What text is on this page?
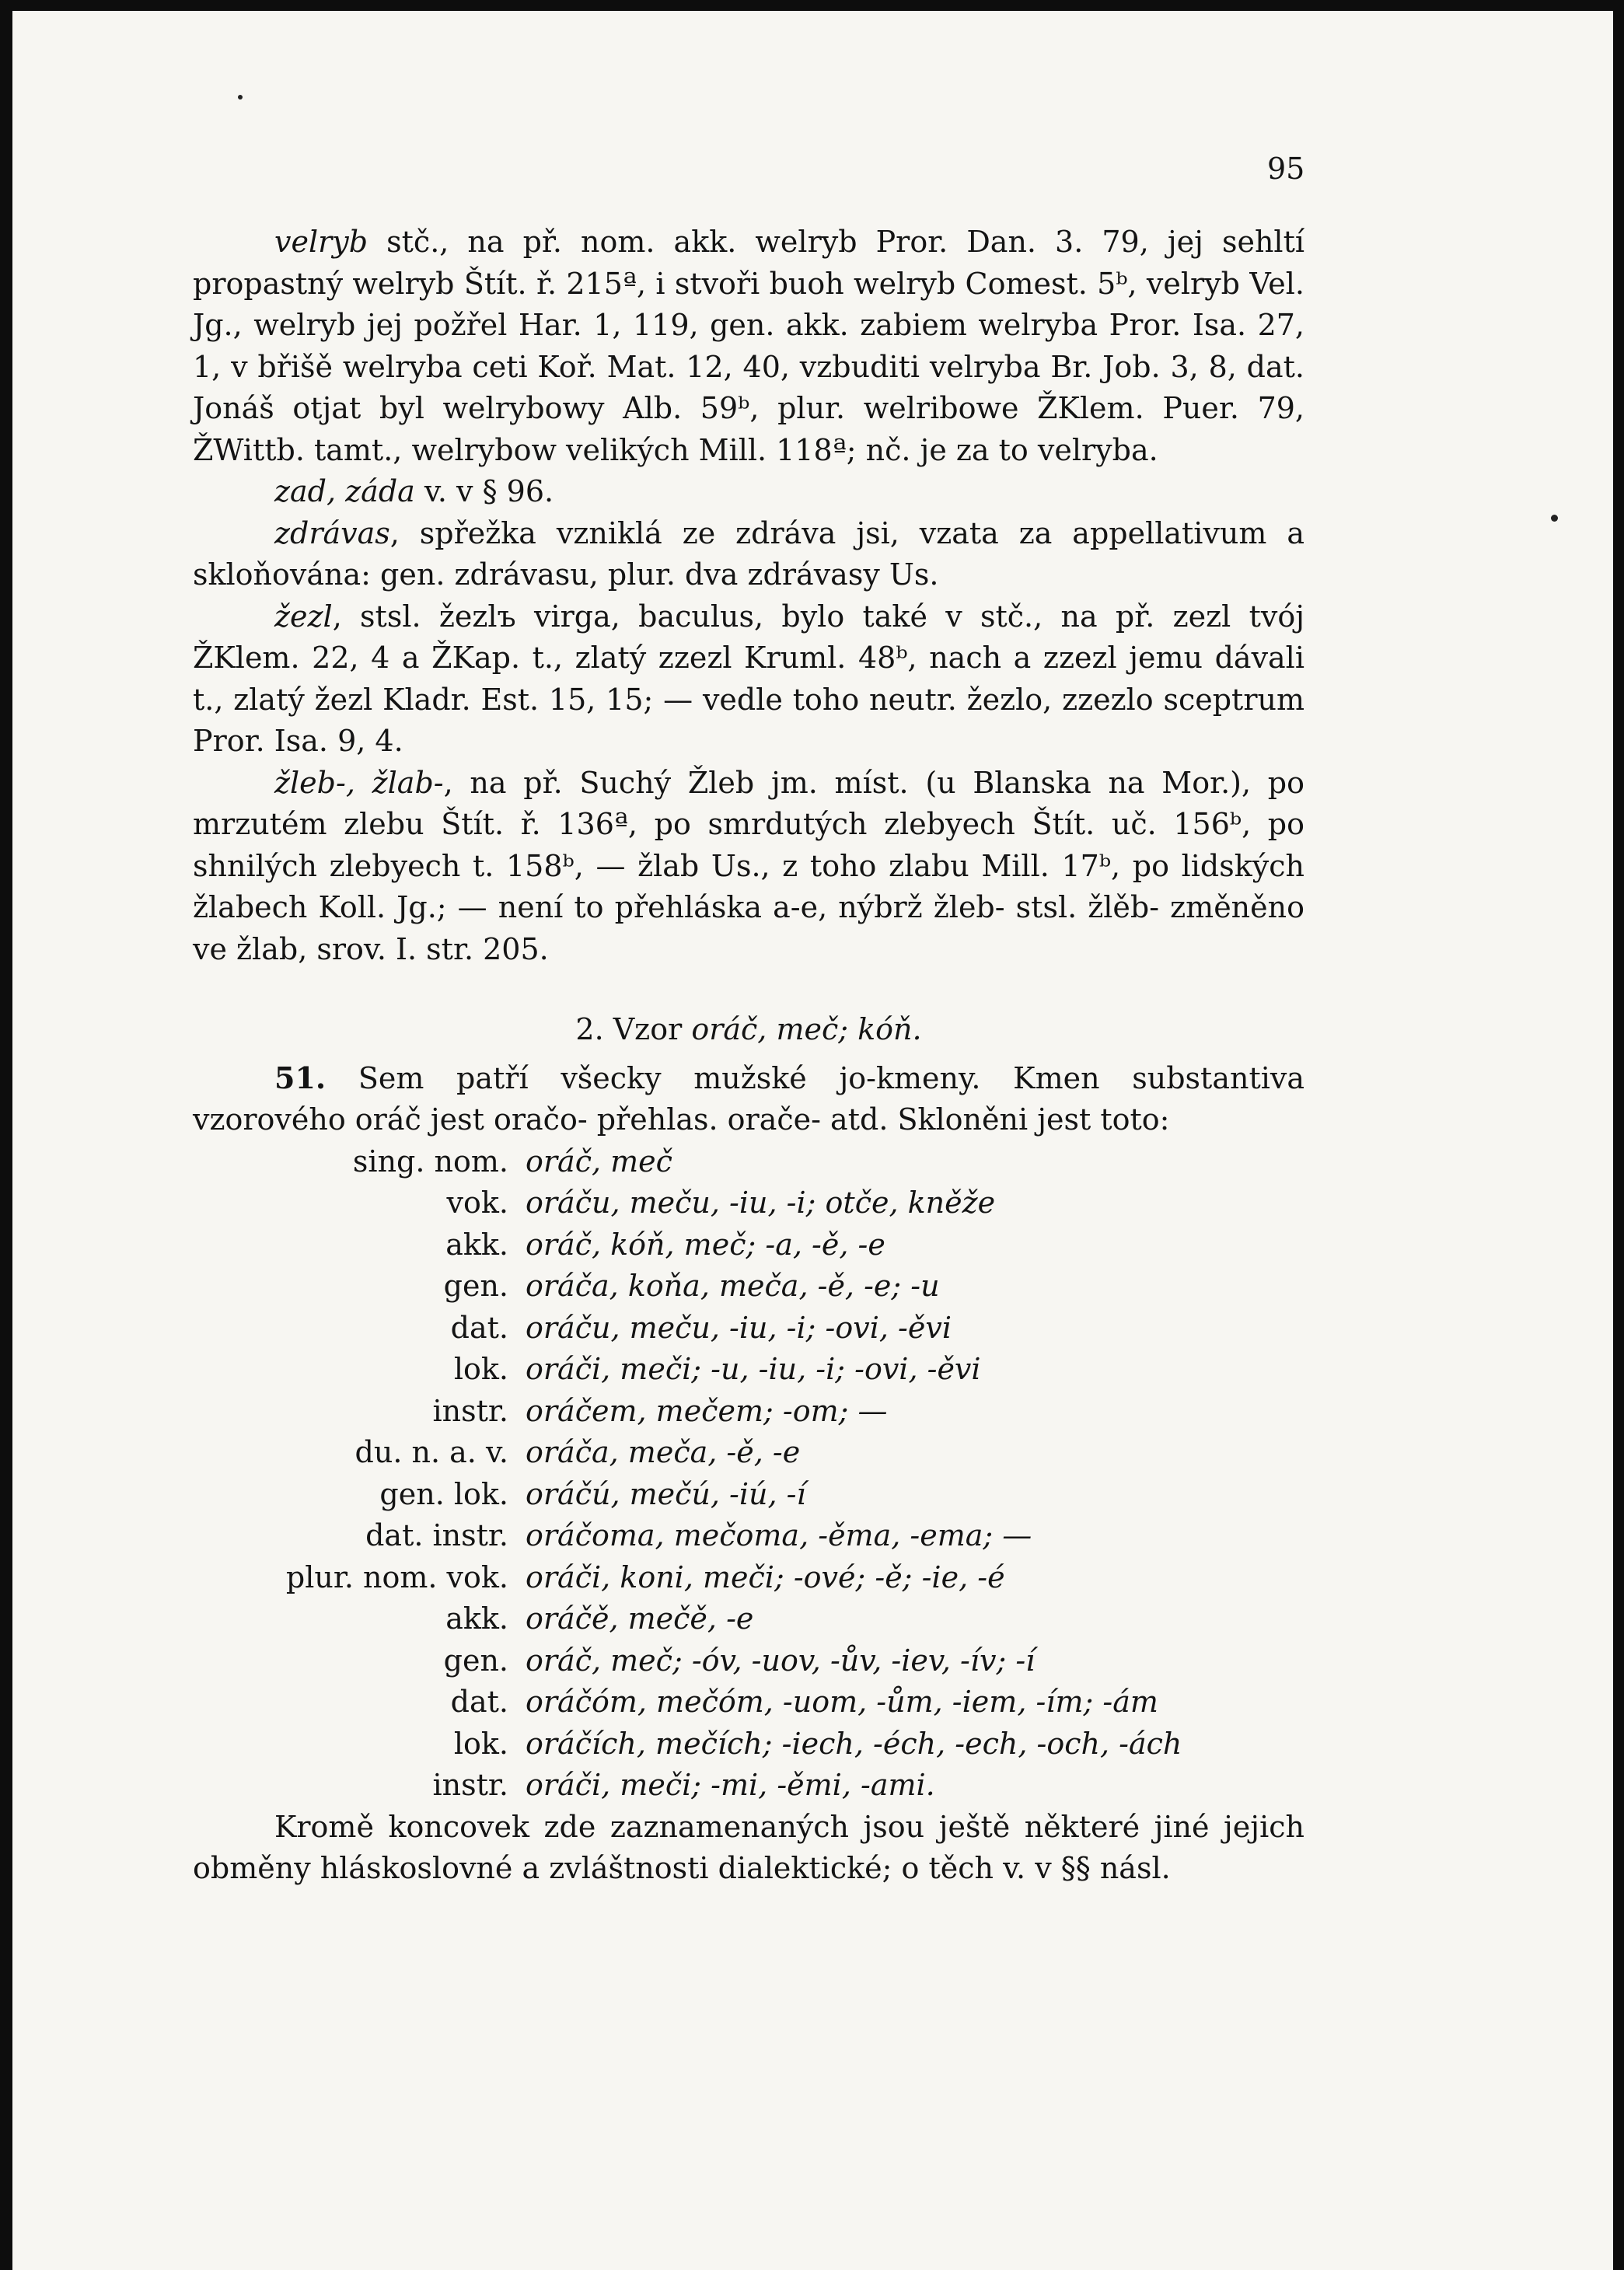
95

velryb stč., na př. nom. akk. welryb Pror. Dan. 3. 79, jej sehltí propastný welryb Štít. ř. 215ª, i stvoři buoh welryb Comest. 5ᵇ, velryb Vel. Jg., welryb jej požřel Har. 1, 119, gen. akk. zabiem welryba Pror. Isa. 27, 1, v břišě welryba ceti Koř. Mat. 12, 40, vzbuditi velryba Br. Job. 3, 8, dat. Jonáš otjat byl welrybowy Alb. 59ᵇ, plur. welribowe ŽKlem. Puer. 79, ŽWittb. tamt., welrybow velikých Mill. 118ª; nč. je za to velryba.

zad, záda v. v § 96.

zdrávas, spřežka vzniklá ze zdráva jsi, vzata za appellativum a skloňována: gen. zdrávasu, plur. dva zdrávasy Us.

žezl, stsl. žezlъ virga, baculus, bylo také v stč., na př. zezl tvój ŽKlem. 22, 4 a ŽKap. t., zlatý zzezl Kruml. 48ᵇ, nach a zzezl jemu dávali t., zlatý žezl Kladr. Est. 15, 15; — vedle toho neutr. žezlo, zzezlo sceptrum Pror. Isa. 9, 4.

žleb-, žlab-, na př. Suchý Žleb jm. míst. (u Blanska na Mor.), po mrzutém zlebu Štít. ř. 136ª, po smrdutých zlebyech Štít. uč. 156ᵇ, po shnilých zlebyech t. 158ᵇ, — žlab Us., z toho zlabu Mill. 17ᵇ, po lidských žlabech Koll. Jg.; — není to přehláska a-e, nýbrž žleb- stsl. žlěb- změněno ve žlab, srov. I. str. 205.

2. Vzor oráč, meč; kóň.

51. Sem patří všecky mužské jo-kmeny. Kmen substantiva vzorového oráč jest oračo- přehlas. orače- atd. Skloněni jest toto:

sing. nom. oráč, meč
vok. oráču, meču, -iu, -i; otče, kněže
akk. oráč, kóň, meč; -a, -ě, -e
gen. oráča, koňa, meča, -ě, -e; -u
dat. oráču, meču, -iu, -i; -ovi, -ěvi
lok. oráči, meči; -u, -iu, -i; -ovi, -ěvi
instr. oráčem, mečem; -om; —
du. n. a. v. oráča, meča, -ě, -e
gen. lok. oráčú, mečú, -iú, -í
dat. instr. oráčoma, mečoma, -ěma, -ema; —
plur. nom. vok. oráči, koni, meči; -ové; -ě; -ie, -é
akk. oráčě, mečě, -e
gen. oráč, meč; -óv, -uov, -ův, -iev, -ív; -í
dat. oráčóm, mečóm, -uom, -ům, -iem, -ím; -ám
lok. oráčích, mečích; -iech, -éch, -ech, -och, -ách
instr. oráči, meči; -mi, -ěmi, -ami.

Kromě koncovek zde zaznamenaných jsou ještě některé jiné jejich obměny hláskoslovné a zvláštnosti dialektické; o těch v. v §§ násl.
